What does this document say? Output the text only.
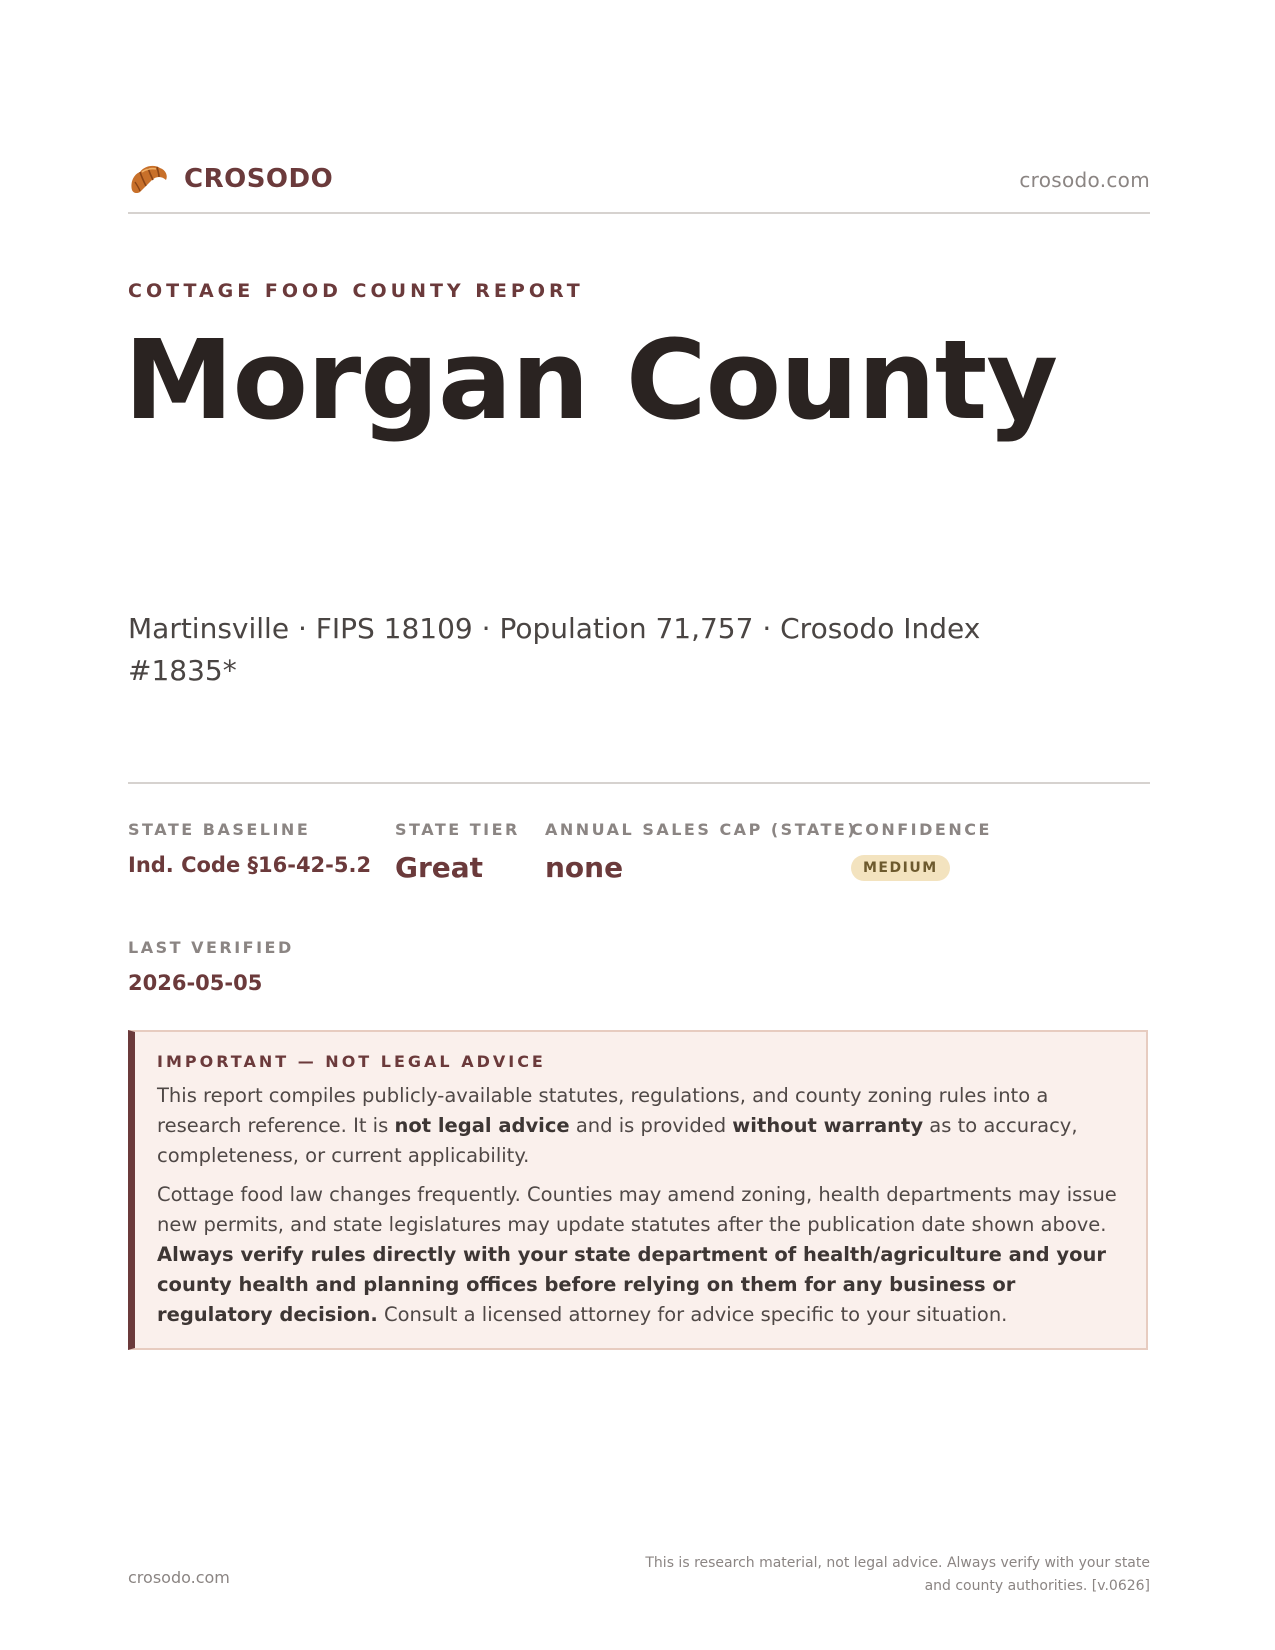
CROSODO	crosodo.com
COTTAGE FOOD COUNTY REPORT
Morgan County
Martinsville · FIPS 18109 · Population 71,757 · Crosodo Index #1835*
STATE BASELINE
Ind. Code §16-42-5.2
STATE TIER
Great
ANNUAL SALES CAP (STATE)
none
CONFIDENCE
MEDIUM
LAST VERIFIED
2026-05-05
IMPORTANT — NOT LEGAL ADVICE

This report compiles publicly-available statutes, regulations, and county zoning rules into a research reference. It is not legal advice and is provided without warranty as to accuracy, completeness, or current applicability.

Cottage food law changes frequently. Counties may amend zoning, health departments may issue new permits, and state legislatures may update statutes after the publication date shown above. Always verify rules directly with your state department of health/agriculture and your county health and planning offices before relying on them for any business or regulatory decision. Consult a licensed attorney for advice specific to your situation.

crosodo.com
This is research material, not legal advice. Always verify with your state
and county authorities. [v.0626]
